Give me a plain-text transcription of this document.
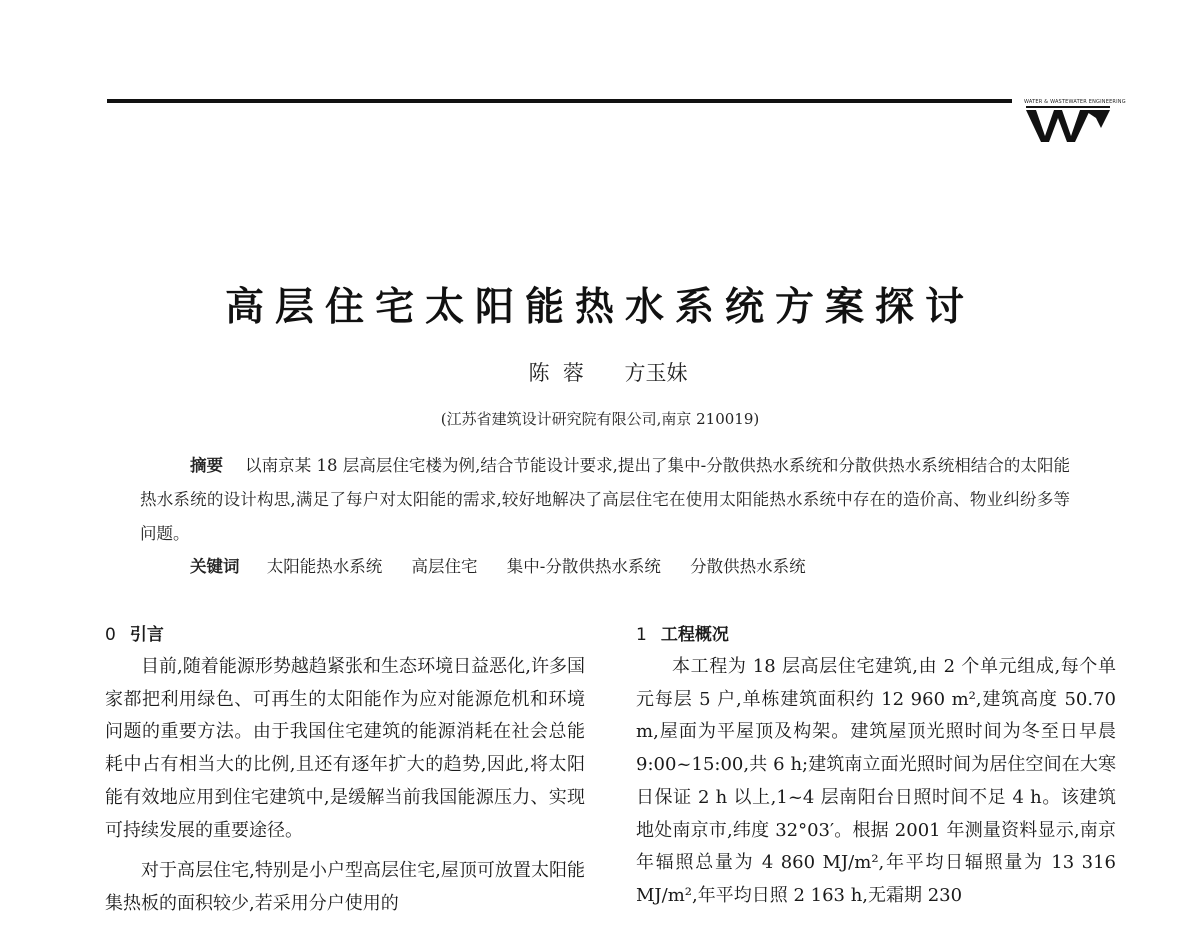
WATER & WASTEWATER ENGINEERING
高层住宅太阳能热水系统方案探讨
陈  蓉 方玉妹
(江苏省建筑设计研究院有限公司,南京 210019)
摘要 以南京某 18 层高层住宅楼为例,结合节能设计要求,提出了集中-分散供热水系统和分散供热水系统相结合的太阳能热水系统的设计构思,满足了每户对太阳能的需求,较好地解决了高层住宅在使用太阳能热水系统中存在的造价高、物业纠纷多等问题。
关键词 太阳能热水系统 高层住宅 集中-分散供热水系统 分散供热水系统
0 引言

目前,随着能源形势越趋紧张和生态环境日益恶化,许多国家都把利用绿色、可再生的太阳能作为应对能源危机和环境问题的重要方法。由于我国住宅建筑的能源消耗在社会总能耗中占有相当大的比例,且还有逐年扩大的趋势,因此,将太阳能有效地应用到住宅建筑中,是缓解当前我国能源压力、实现可持续发展的重要途径。

对于高层住宅,特别是小户型高层住宅,屋顶可放置太阳能集热板的面积较少,若采用分户使用的

1 工程概况

本工程为 18 层高层住宅建筑,由 2 个单元组成,每个单元每层 5 户,单栋建筑面积约 12 960 m²,建筑高度 50.70 m,屋面为平屋顶及构架。建筑屋顶光照时间为冬至日早晨 9:00~15:00,共 6 h;建筑南立面光照时间为居住空间在大寒日保证 2 h 以上,1~4 层南阳台日照时间不足 4 h。该建筑地处南京市,纬度 32°03′。根据 2001 年测量资料显示,南京年辐照总量为 4 860 MJ/m²,年平均日辐照量为 13 316 MJ/m²,年平均日照 2 163 h,无霜期 230
